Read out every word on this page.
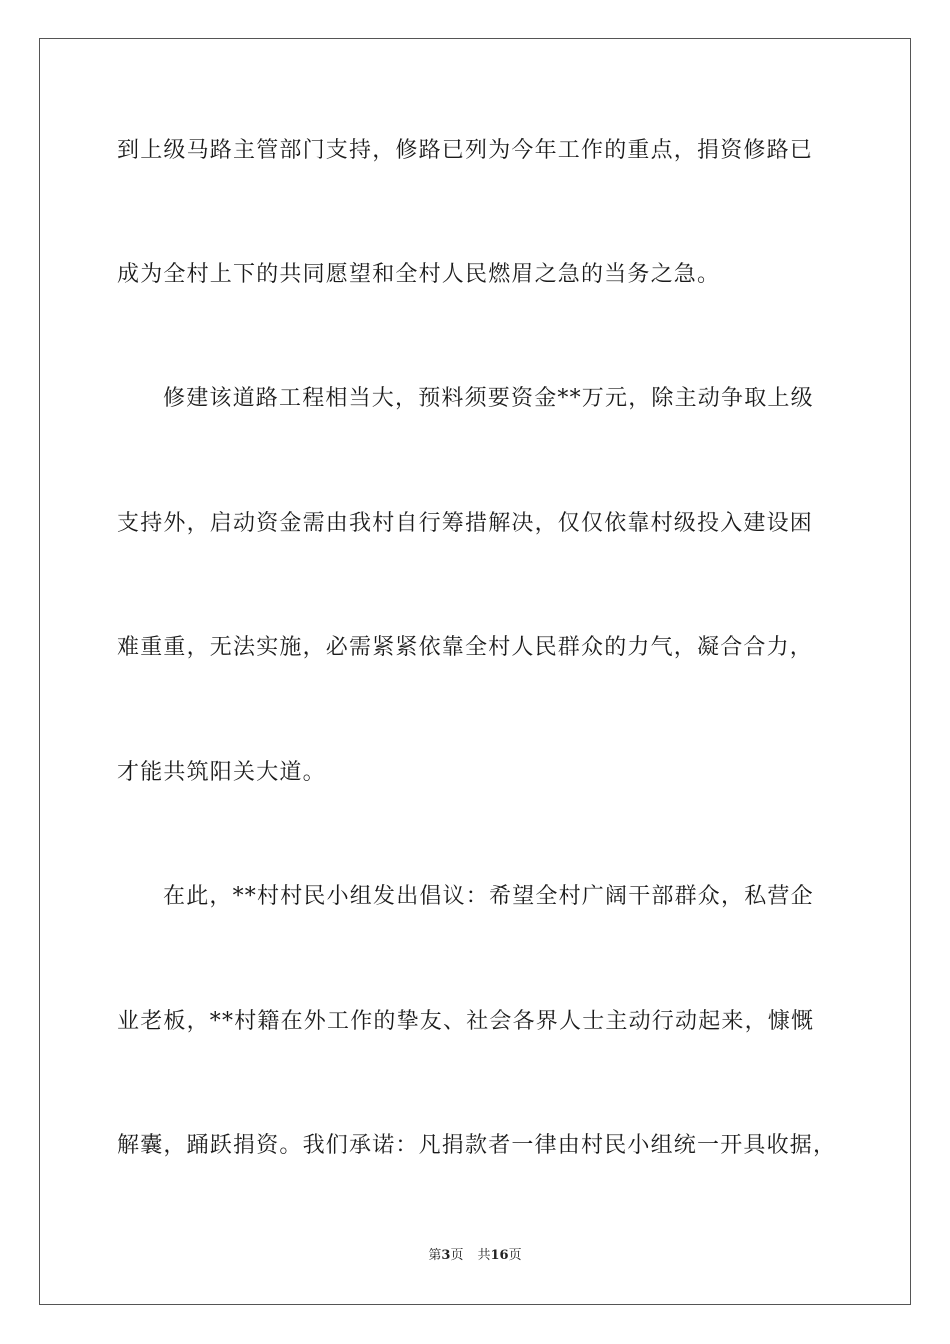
到上级马路主管部门支持，修路已列为今年工作的重点，捐资修路已
成为全村上下的共同愿望和全村人民燃眉之急的当务之急。
修建该道路工程相当大，预料须要资金**万元，除主动争取上级
支持外，启动资金需由我村自行筹措解决，仅仅依靠村级投入建设困
难重重，无法实施，必需紧紧依靠全村人民群众的力气，凝合合力，
才能共筑阳关大道。
在此，**村村民小组发出倡议：希望全村广阔干部群众，私营企
业老板，**村籍在外工作的挚友、社会各界人士主动行动起来，慷慨
解囊，踊跃捐资。我们承诺：凡捐款者一律由村民小组统一开具收据，
第3页 共16页
